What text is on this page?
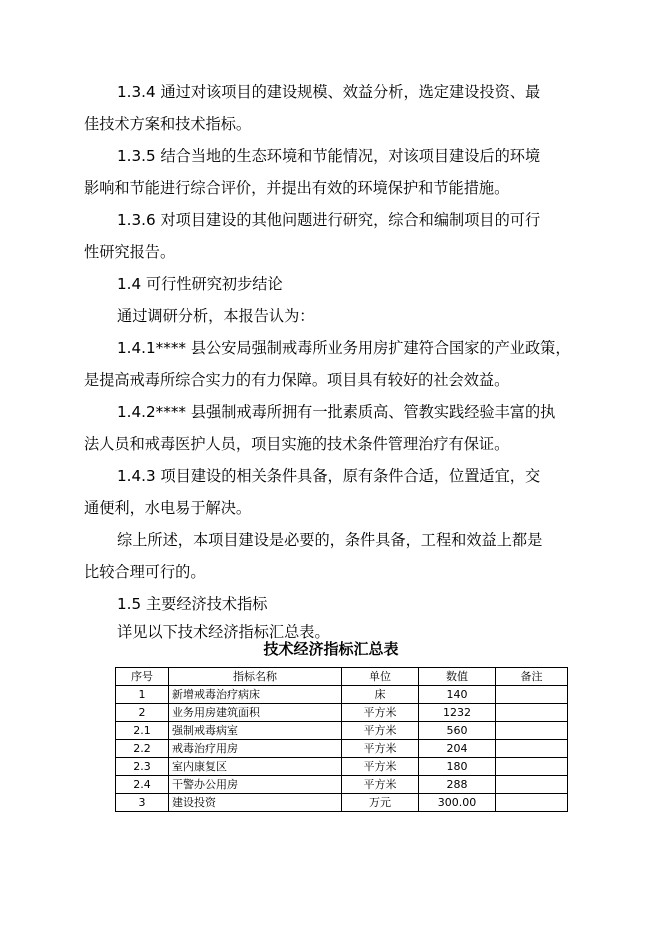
1.3.4 通过对该项目的建设规模、效益分析，选定建设投资、最
佳技术方案和技术指标。
1.3.5 结合当地的生态环境和节能情况，对该项目建设后的环境
影响和节能进行综合评价，并提出有效的环境保护和节能措施。
1.3.6 对项目建设的其他问题进行研究，综合和编制项目的可行
性研究报告。
1.4 可行性研究初步结论
通过调研分析，本报告认为：
1.4.1**** 县公安局强制戒毒所业务用房扩建符合国家的产业政策，
是提高戒毒所综合实力的有力保障。项目具有较好的社会效益。
1.4.2**** 县强制戒毒所拥有一批素质高、管教实践经验丰富的执
法人员和戒毒医护人员，项目实施的技术条件管理治疗有保证。
1.4.3 项目建设的相关条件具备，原有条件合适，位置适宜，交
通便利，水电易于解决。
综上所述，本项目建设是必要的，条件具备，工程和效益上都是
比较合理可行的。
1.5 主要经济技术指标
详见以下技术经济指标汇总表。
技术经济指标汇总表
序号	指标名称	单位	数值	备注
1	新增戒毒治疗病床	床	140	
2	业务用房建筑面积	平方米	1232	
2.1	强制戒毒病室	平方米	560	
2.2	戒毒治疗用房	平方米	204	
2.3	室内康复区	平方米	180	
2.4	干警办公用房	平方米	288	
3	建设投资	万元	300.00	
